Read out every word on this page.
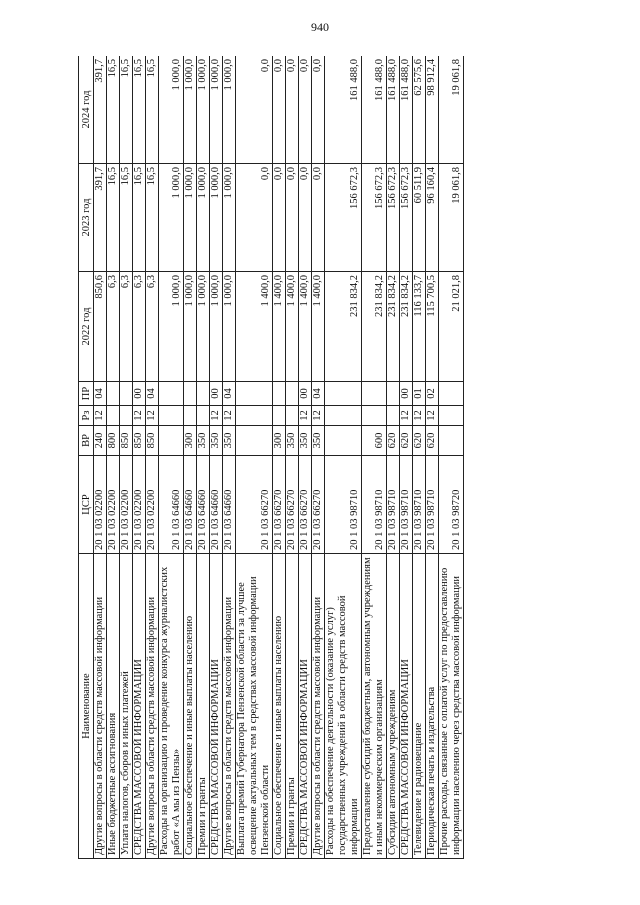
940
Наименование	ЦСР	ВР	Рз	ПР	2022 год	2023 год	2024 год
Другие вопросы в области средств массовой информации	20 1 03 02200	240	12	04	850,6	391,7	391,7
Иные бюджетные ассигнования	20 1 03 02200	800			6,3	16,5	16,5
Уплата налогов, сборов и иных платежей	20 1 03 02200	850			6,3	16,5	16,5
СРЕДСТВА МАССОВОЙ ИНФОРМАЦИИ	20 1 03 02200	850	12	00	6,3	16,5	16,5
Другие вопросы в области средств массовой информации	20 1 03 02200	850	12	04	6,3	16,5	16,5
Расходы на организацию и проведение конкурса журналистских работ «А мы из Пензы»	20 1 03 64660				1 000,0	1 000,0	1 000,0
Социальное обеспечение и иные выплаты населению	20 1 03 64660	300			1 000,0	1 000,0	1 000,0
Премии и гранты	20 1 03 64660	350			1 000,0	1 000,0	1 000,0
СРЕДСТВА МАССОВОЙ ИНФОРМАЦИИ	20 1 03 64660	350	12	00	1 000,0	1 000,0	1 000,0
Другие вопросы в области средств массовой информации	20 1 03 64660	350	12	04	1 000,0	1 000,0	1 000,0
Выплата премий Губернатора Пензенской области за лучшее освещение актуальных тем в средствах массовой информации Пензенской области	20 1 03 66270				1 400,0	0,0	0,0
Социальное обеспечение и иные выплаты населению	20 1 03 66270	300			1 400,0	0,0	0,0
Премии и гранты	20 1 03 66270	350			1 400,0	0,0	0,0
СРЕДСТВА МАССОВОЙ ИНФОРМАЦИИ	20 1 03 66270	350	12	00	1 400,0	0,0	0,0
Другие вопросы в области средств массовой информации	20 1 03 66270	350	12	04	1 400,0	0,0	0,0
Расходы на обеспечение деятельности (оказание услуг) государственных учреждений в области средств массовой информации	20 1 03 98710				231 834,2	156 672,3	161 488,0
Предоставление субсидий бюджетным, автономным учреждениям и иным некоммерческим организациям	20 1 03 98710	600			231 834,2	156 672,3	161 488,0
Субсидии автономным учреждениям	20 1 03 98710	620			231 834,2	156 672,3	161 488,0
СРЕДСТВА МАССОВОЙ ИНФОРМАЦИИ	20 1 03 98710	620	12	00	231 834,2	156 672,3	161 488,0
Телевидение и радиовещание	20 1 03 98710	620	12	01	116 133,7	60 511,9	62 575,6
Периодическая печать и издательства	20 1 03 98710	620	12	02	115 700,5	96 160,4	98 912,4
Прочие расходы, связанные с оплатой услуг по предоставлению информации населению через средства массовой информации	20 1 03 98720				21 021,8	19 061,8	19 061,8
